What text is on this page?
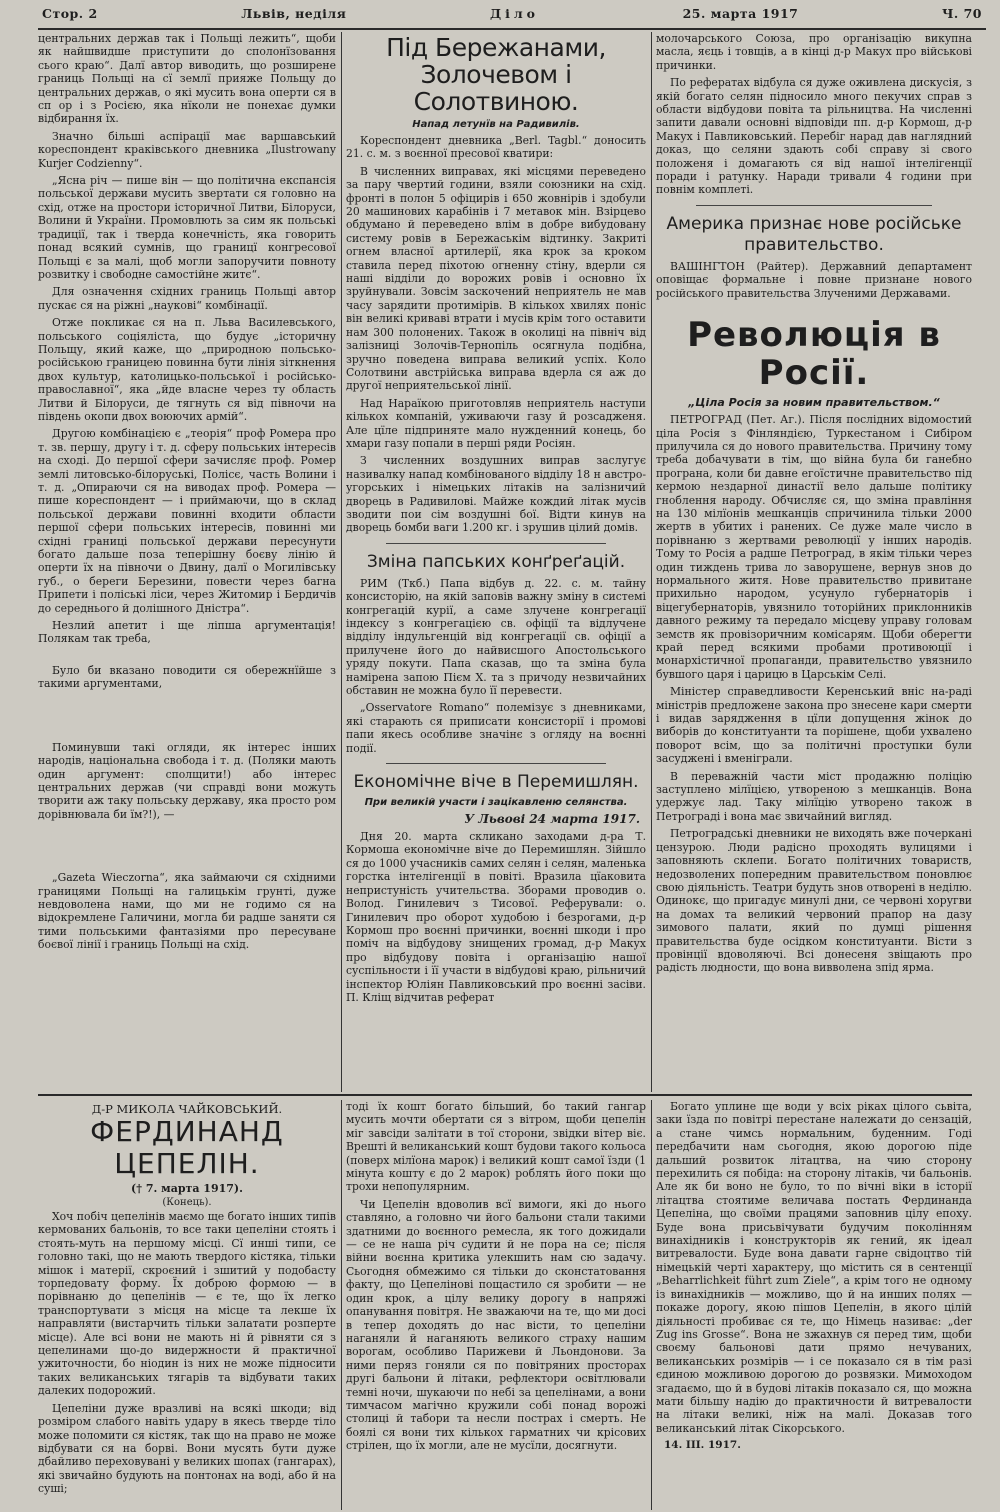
Стор. 2	Львів, неділя	Діло	25. марта 1917	Ч. 70

центральних держав так і Польщі лежить“, щоби як найшвидше приступити до сполонїзовання сього краю“. Далї автор виводить, що розширене границь Польщі на сї землї прияже Польщу до центральних держав, о які мусить вона оперти ся в сп ор і з Росією, яка нїколи не понехає думки відбирання їх.

Значно більші аспірації має варшавський кореспондент краківського дневника „Ilustrowany Kurjer Codzienny“.

„Ясна річ — пише він — що політична експансія польської держави мусить звертати ся головно на схід, отже на простори історичної Литви, Білоруси, Волини й України. Промовлють за сим як польські традиції, так і тверда конечність, яка говорить понад всякий сумнів, що границї конгресової Польщі є за малі, щоб могли запоручити повноту розвитку і свободне самостійне житє“.

Для означення східних границь Польщі автор пускає ся на ріжні „наукові“ комбінації.

Отже покликає ся на п. Льва Василевського, польського соціяліста, що будує „історичну Польщу, який каже, що „природною польсько-російською границею повинна бути лінія зіткнення двох культур, католицько-польської і російсько-православної“, яка „йде власне через ту область Литви й Білоруси, де тягнуть ся від півночи на південь окопи двох воюючих армій“.

Другою комбінацією є „теорія“ проф Ромера про т. зв. першу, другу і т. д. сферу польських інтересів на сході. До першої сфери зачисляє проф. Ромер землі литовсько-білоруські, Полісє, часть Волини і т. д. „Опираючи ся на виводах проф. Ромера — пише кореспондент — і приймаючи, що в склад польської держави повинні входити области першої сфери польських інтересів, повинні ми східні границі польської держави пересунути богато дальше поза теперішну боєву лінію й оперти їх на півночи о Двину, далї о Могилівську губ., о береги Березини, повести через багна Припети і поліські ліси, через Житомир і Бердичів до середнього й долішного Дністра“.

Незлий апетит і ще ліпша аргументація! Полякам так треба,

Було би вказано поводити ся обережнїйше з такими аргументами,

Поминувши такі огляди, як інтерес інших народів, національна свобода і т. д. (Поляки мають один аргумент: сполщити!) або інтерес центральних держав (чи справді вони можуть творити аж таку польську державу, яка просто ром дорівнювала би їм?!), —

„Gazeta Wieczorna“, яка займаючи ся східними границями Польщі на галицькім грунті, дуже невдоволена нами, що ми не годимо ся на відокремлене Галичини, могла би радше заняти ся тими польськими фантазіями про пересуване боєвої лінії і границь Польщі на схід.

Під Бережанами, Золочевом і Солотвиною.
Напад летунїв на Радивилів.

Кореспондент дневника „Berl. Tagbl.“ доносить 21. с. м. з воєнної пресової кватири:

В численних виправах, які місцями переведено за пару чвертий години, взяли союзники на схід. фронті в полон 5 офіцирів і 650 жовнірів і здобули 20 машинових карабінів і 7 метавок мін. Взірцево обдумано й переведено влім в добре вибудовану систему ровів в Бережаськім відтинку. Закриті огнем власної артилерії, яка крок за кроком ставила перед піхотою огненну стіну, вдерли ся наші відділи до ворожих ровів і основно їх зруйнували. Зовсім заскочений неприятель не мав часу зарядити протимірів. В кількох хвилях поніс він великі криваві втрати і мусів крім того оставити нам 300 полонених. Також в околиці на північ від залізниці Золочів-Тернопіль осягнула подібна, зручно поведена виправа великий успіх. Коло Солотвини австрійська виправа вдерла ся аж до другої неприятельської лінії.

Над Нараїкою приготовляв неприятель наступи кількох компаній, уживаючи газу й розсадженя. Але цїле підприняте мало нужденний конець, бо хмари газу попали в перші ряди Росіян.

З численних воздушних виправ заслугує називалку напад комбінованого відділу 18 н австро-угорських і німецьких літаків на залізничий дворець в Радивилові. Майже кождий літак мусів зводити пои сім воздушні бої. Відти кинув на дворець бомби ваги 1.200 кг. і зрушив цілий домів.

Зміна папських конґреґацій.

РИМ (Ткб.) Папа відбув д. 22. с. м. тайну консисторію, на якій заповів важну зміну в системі конгрегацій курії, а саме злучене конгрегації індексу з конгрегацією св. офіції та відлучене відділу індульгенцій від конгрегації св. офіції а прилучене його до найвисшого Апостольського уряду покути. Папа сказав, що та зміна була намірена запою Пієм Х. та з причоду незвичайних обставин не можна було її перевести.

„Osservatore Romano“ полемізує з дневниками, які старають ся приписати консисторії і промові папи якесь особливе значінє з огляду на воєнні події.

Економічне віче в Перемишлян.
При великій участи і зацікавленю селянства.
У Львові 24 марта 1917.

Дня 20. марта скликано заходами д-ра Т. Кормоша економічне віче до Перемишлян. Зійшло ся до 1000 учасників самих селян і селян, маленька горстка інтелігенції в повіті. Вразила цїаковита непристуність учительства. Зборами проводив о. Волод. Гинилевич з Тисової. Реферували: о. Гинилевич про оборот худобою і безрогами, д-р Кормош про воєнні причинки, воєнні шкоди і про поміч на відбудову знищених громад, д-р Макух про відбудову повіта і організацію нашої суспільности і її участи в відбудові краю, рільничий інспектор Юліян Павликовський про воєнні засіви. П. Кліщ відчитав реферат

молочарського Союза, про організацію викупна масла, яєць і товщів, а в кінці д-р Макух про військові причинки.

По рефератах відбула ся дуже оживлена дискусія, з якій богато селян підносило много пекучих справ з области відбудови повіта та рільництва. На численні запити давали основні відповіди пп. д-р Кормош, д-р Макух і Павликовський. Перебіг нарад дав наглядний доказ, що селяни здають собі справу зі свого положеня і домагають ся від нашої інтелігенції поради і ратунку. Наради тривали 4 години при повнім комплеті.

Америка признає нове російське правительство.

ВАШІНГТОН (Райтер). Державний департамент оповіщає формальне і повне признане нового російського правительства Злученими Державами.

Революція в Росії.
„Ціла Росія за новим правительством.“

ПЕТРОГРАД (Пет. Аг.). Після послідних відомостий ціла Росія з Фінляндією, Туркестаном і Сибіром прилучила ся до нового правительства. Причину тому треба добачувати в тім, що війна була би ганебно програна, коли би давне егоїстичне правительство під кермою нездарної династії вело дальше політику гноблення народу. Обчисляє ся, що зміна правління на 130 мілїонів мешканців спричинила тільки 2000 жертв в убитих і ранених. Се дуже мале число в порівнаню з жертвами революції у інших народів. Тому то Росія а радше Петроград, в якім тільки через один тиждень трива ло заворушене, вернув знов до нормального житя. Нове правительство привитане прихильно народом, усунуло губернаторів і віцегубернаторів, увязнило тоторійних приклонників давного режиму та передало місцеву управу головам земств як провізоричним комісарям. Щоби оберегти край перед всякими пробами противоюції і монархістичної пропаганди, правительство увязнило бувшого царя і царицю в Царськім Селі.

Міністер справедливости Керенський вніс на-раді міністрів предложене закона про знесене кари смерти і видав зарядження в цїли допущення жінок до виборів до конституанти та порішене, щоби ухвалено поворот всім, що за політичні проступки були засуджені і вменіграли.

В переважній части міст продажню поліцію заступлено мілїцією, утвореною з мешканців. Вона удержує лад. Таку мілїцію утворено також в Петрограді і вона має звичайний вигляд.

Петроградські дневники не виходять вже почеркані цензурою. Люди радісно проходять вулицями і заповняють склепи. Богато політичних товариств, недозволених попередним правительством поновлює свою діяльність. Театри будуть знов отворені в неділю. Одинокє, що пригадує минулі дни, се червоні хоругви на домах та великий червоний прапор на дазу зимового палати, який по думці рішення правительства буде осідком конституанти. Вісти з провінції вдоволяючі. Всі донесеня звіщають про радість людности, що вона вивволена зпід ярма.

Д-Р МИКОЛА ЧАЙКОВСЬКИЙ.
ФЕРДИНАНД ЦЕПЕЛІН.
(† 7. марта 1917).
(Конець).

Хоч побіч цепелінів маємо ще богато інших типів кермованих бальонів, то все таки цепеліни стоять і стоять-муть на першому місці. Сї инші типи, се головно такі, що не мають твердого кістяка, тільки мішок і матерії, скроєний і зшитий у подобасту торпедовату форму. Їх доброю формою — в порівнаню до цепелінів — є те, що їх легко транспортувати з місця на місце та лекше їх направляти (вистарчить тільки залатати розперте місце). Але всі вони не мають ні й рівняти ся з цепелинами що-до видержности й практичної ужиточности, бо ніодин із них не може підносити таких великанських тягарів та відбувати таких далеких подорожий.

Цепеліни дуже вразливі на всякі шкоди; від розміром слабого навіть удару в якесь тверде тіло може поломити ся кістяк, так що на право не може відбувати ся на борві. Вони мусять бути дуже дбайливо переховувані у великих шопах (гангарах), які звичайно будують на понтонах на воді, або й на суші;

тоді їх кошт богато більший, бо такий гангар мусить мочти обертати ся з вітром, щоби цепелін міг завсіди залітати в тої сторони, звідки вітер віє. Врешті й великанський кошт будови такого кольоса (поверх мілїона марок) і великий кошт самої їзди (1 мінута кошту є до 2 марок) роблять його поки що трохи непопулярним.

Чи Цепелін вдоволив всї вимоги, які до нього ставляно, а головно чи його бальони стали такими здатними до воєнного ремесла, як того дожидали — се не наша річ судити й не пора на се; після війни воєнна критика улекшить нам сю задачу. Сьогодня обмежимо ся тільки до сконстатовання факту, що Цепелінові пощастило ся зробити — не один крок, а цілу велику дорогу в напряжі опанування повітря. Не зважаючи на те, що ми досі в тепер доходять до нас вісти, то цепеліни наганяли й наганяють великого страху нашим ворогам, особливо Парижеви й Льондонови. За ними перяз гоняли ся по повітряних просторах другі бальони й літаки, рефлектори освітлювали темні ночи, шукаючи по небі за цепелінами, а вони тимчасом магічно кружили собі понад ворожі столиці й табори та несли пострах і смерть. Не боялі ся вони тих кількох гарматних чи крісових стрілен, що їх могли, але не мусїли, досягнути.

Богато уплине ще води у всіх ріках цілого сьвіта, заки їзда по повітрі перестане належати до сензацій, а стане чимсь нормальним, буденним. Годі передбачити нам сьогодня, якою дорогою піде дальший розвиток літацтва, на чию сторону перехилить ся побіда: на сторону літаків, чи бальонів. Але як би воно не було, то по вічні віки в історії літацтва стоятиме величава постать Фердинанда Цепеліна, що своїми працями заповнив цілу епоху. Буде вона присьвічувати будучим поколінням винахідників і конструкторів як гений, як ідеал витревалости. Буде вона давати гарне свідоцтво тій німецькій черті характеру, що містить ся в сентенції „Beharrlichkeit führt zum Ziele“, а крім того не одному із винахідників — можливо, що й на инших полях — покаже дорогу, якою пішов Цепелін, в якого цілій діяльності пробиває ся те, що Німець називає: „der Zug ins Grosse“. Вона не зжахнув ся перед тим, щоби своєму бальонові дати прямо нечуваних, великанських розмірів — і се показало ся в тім разі єдиною можливою дорогою до розвязки. Мимоходом згадаємо, що й в будові літаків показало ся, що можна мати більшу надію до практичности й витревалости на літаки великі, ніж на малі. Доказав того великанський літак Сікорського.

14. III. 1917.
